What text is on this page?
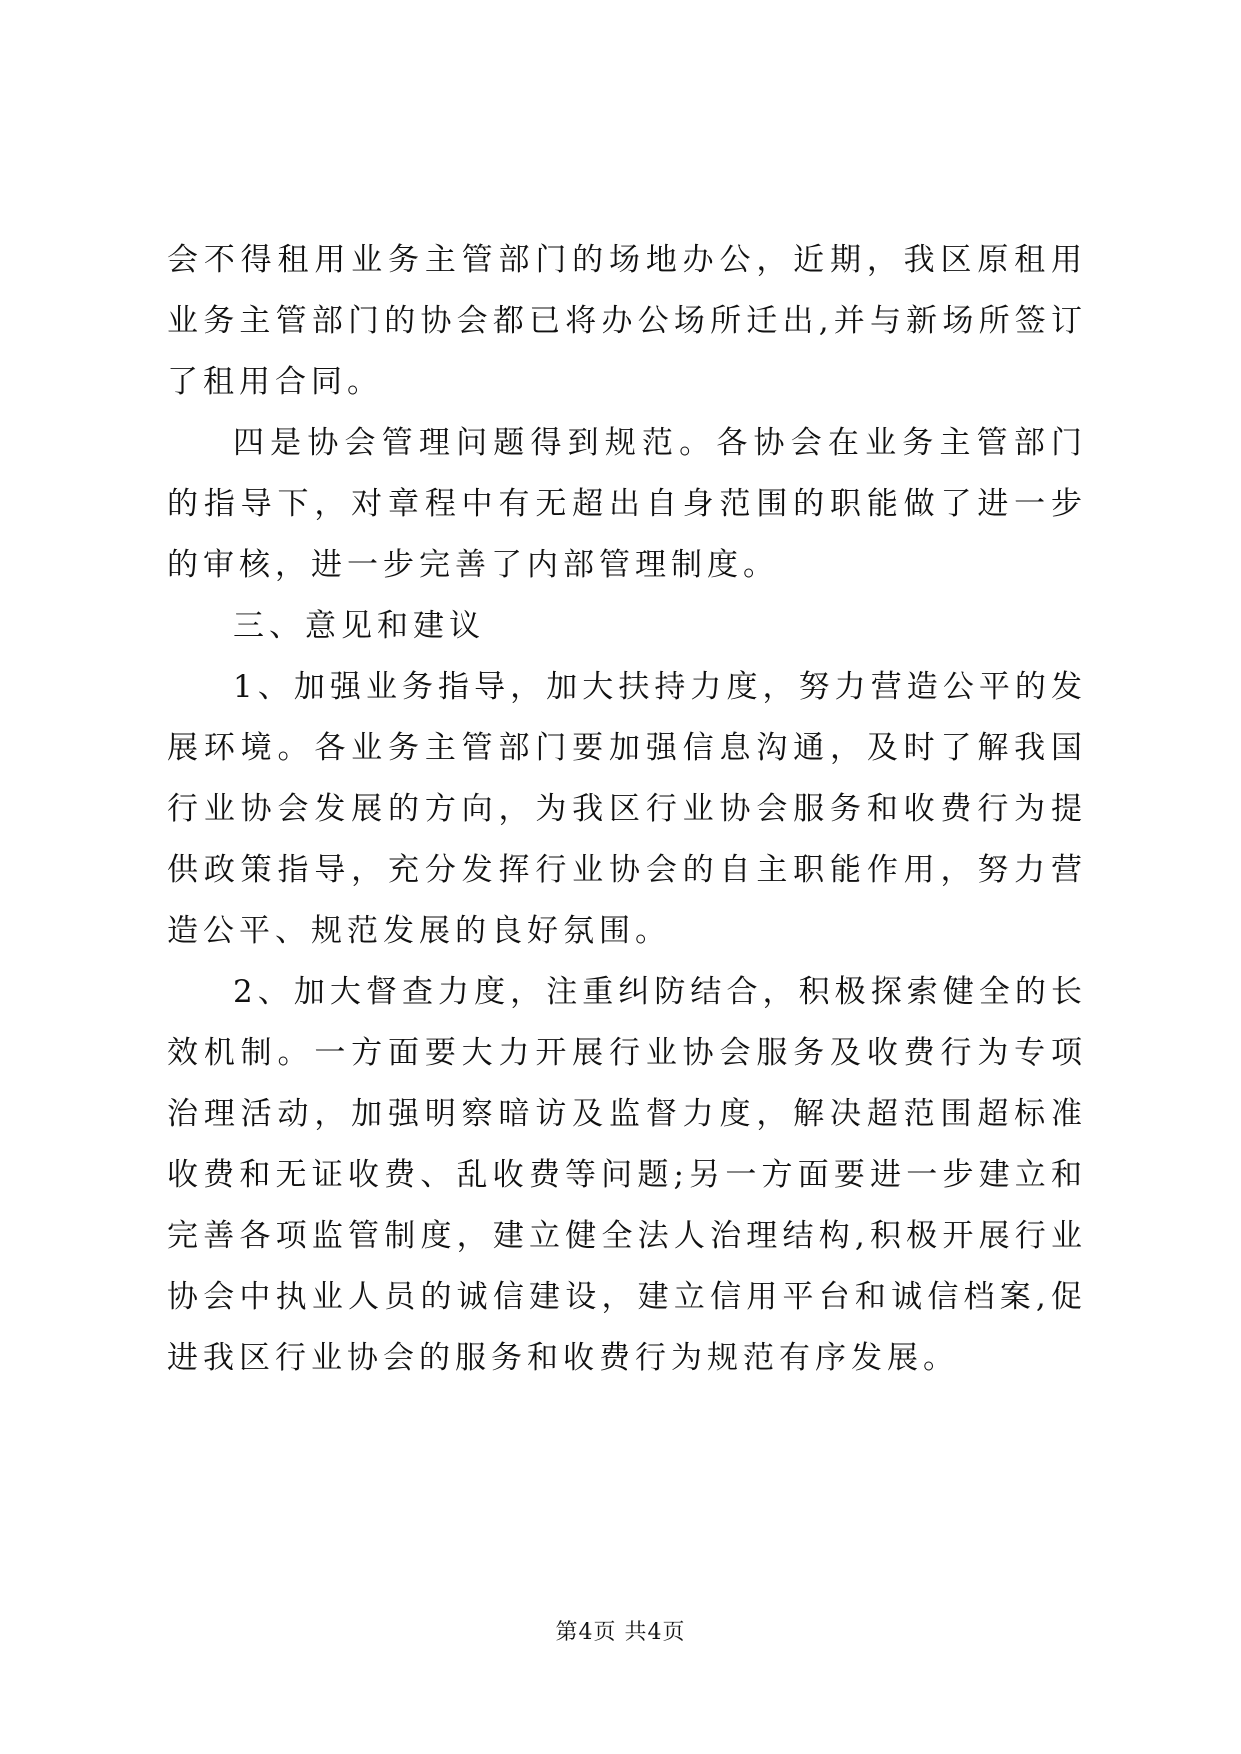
会不得租用业务主管部门的场地办公，近期，我区原租用业务主管部门的协会都已将办公场所迁出,并与新场所签订了租用合同。

四是协会管理问题得到规范。各协会在业务主管部门的指导下，对章程中有无超出自身范围的职能做了进一步的审核，进一步完善了内部管理制度。

三、意见和建议

1、加强业务指导，加大扶持力度，努力营造公平的发展环境。各业务主管部门要加强信息沟通，及时了解我国行业协会发展的方向，为我区行业协会服务和收费行为提供政策指导，充分发挥行业协会的自主职能作用，努力营造公平、规范发展的良好氛围。

2、加大督查力度，注重纠防结合，积极探索健全的长效机制。一方面要大力开展行业协会服务及收费行为专项治理活动，加强明察暗访及监督力度，解决超范围超标准收费和无证收费、乱收费等问题;另一方面要进一步建立和完善各项监管制度，建立健全法人治理结构,积极开展行业协会中执业人员的诚信建设，建立信用平台和诚信档案,促进我区行业协会的服务和收费行为规范有序发展。

第4页 共4页
